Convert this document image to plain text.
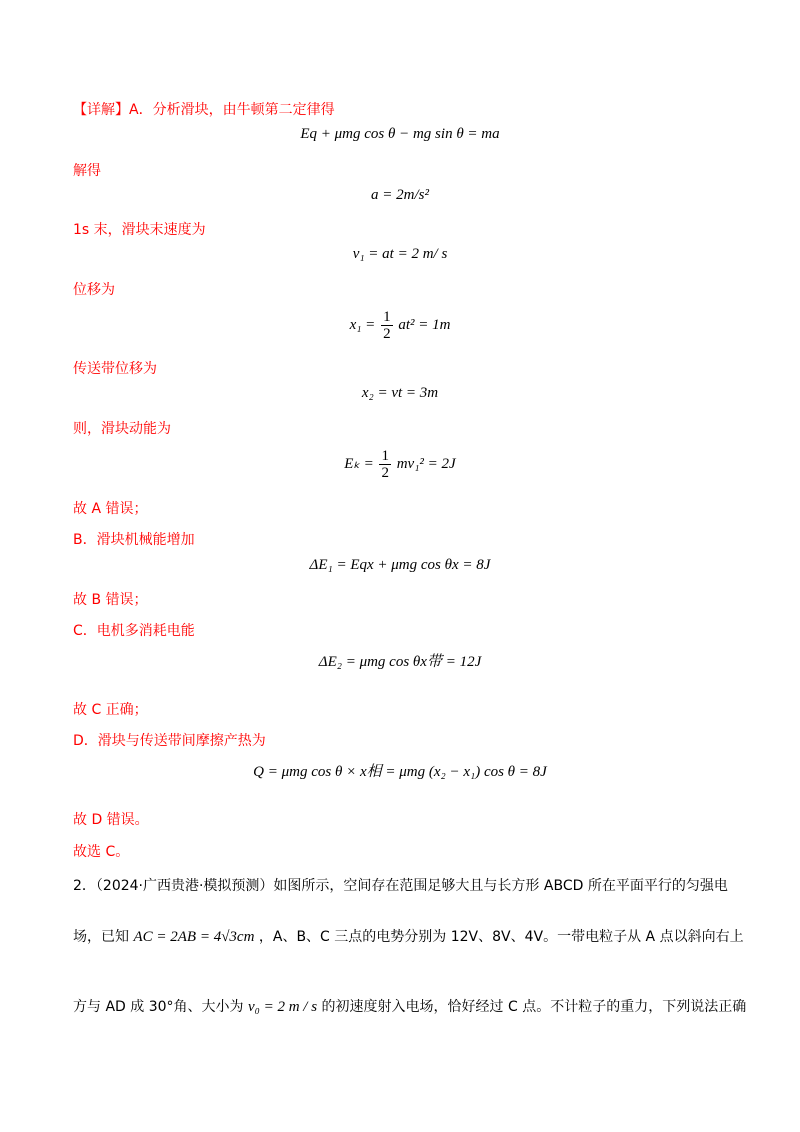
【详解】A．分析滑块，由牛顿第二定律得
Eq + μmg cos θ − mg sin θ = ma
解得
a = 2m/s²
1s 末，滑块末速度为
v₁ = at = 2 m/ s
位移为
$x_1 = \frac{1}{2} at^2 = 1m$
传送带位移为
x₂ = vt = 3m
则，滑块动能为
$E_k = \frac{1}{2} mv_1^2 = 2J$
故 A 错误；
B．滑块机械能增加
ΔE₁ = Eqx + μmg cos θx = 8J
故 B 错误；
C．电机多消耗电能
ΔE₂ = μmg cos θx带 = 12J
故 C 正确；
D．滑块与传送带间摩擦产热为
Q = μmg cos θ × x相 = μmg (x₂ − x₁) cos θ = 8J
故 D 错误。
故选 C。
2．（2024·广西贵港·模拟预测）如图所示，空间存在范围足够大且与长方形 ABCD 所在平面平行的匀强电
场，已知 AC = 2AB = 4√3cm ，A、B、C 三点的电势分别为 12V、8V、4V。一带电粒子从 A 点以斜向右上
方与 AD 成 30°角、大小为 v₀ = 2 m / s 的初速度射入电场，恰好经过 C 点。不计粒子的重力，下列说法正确
